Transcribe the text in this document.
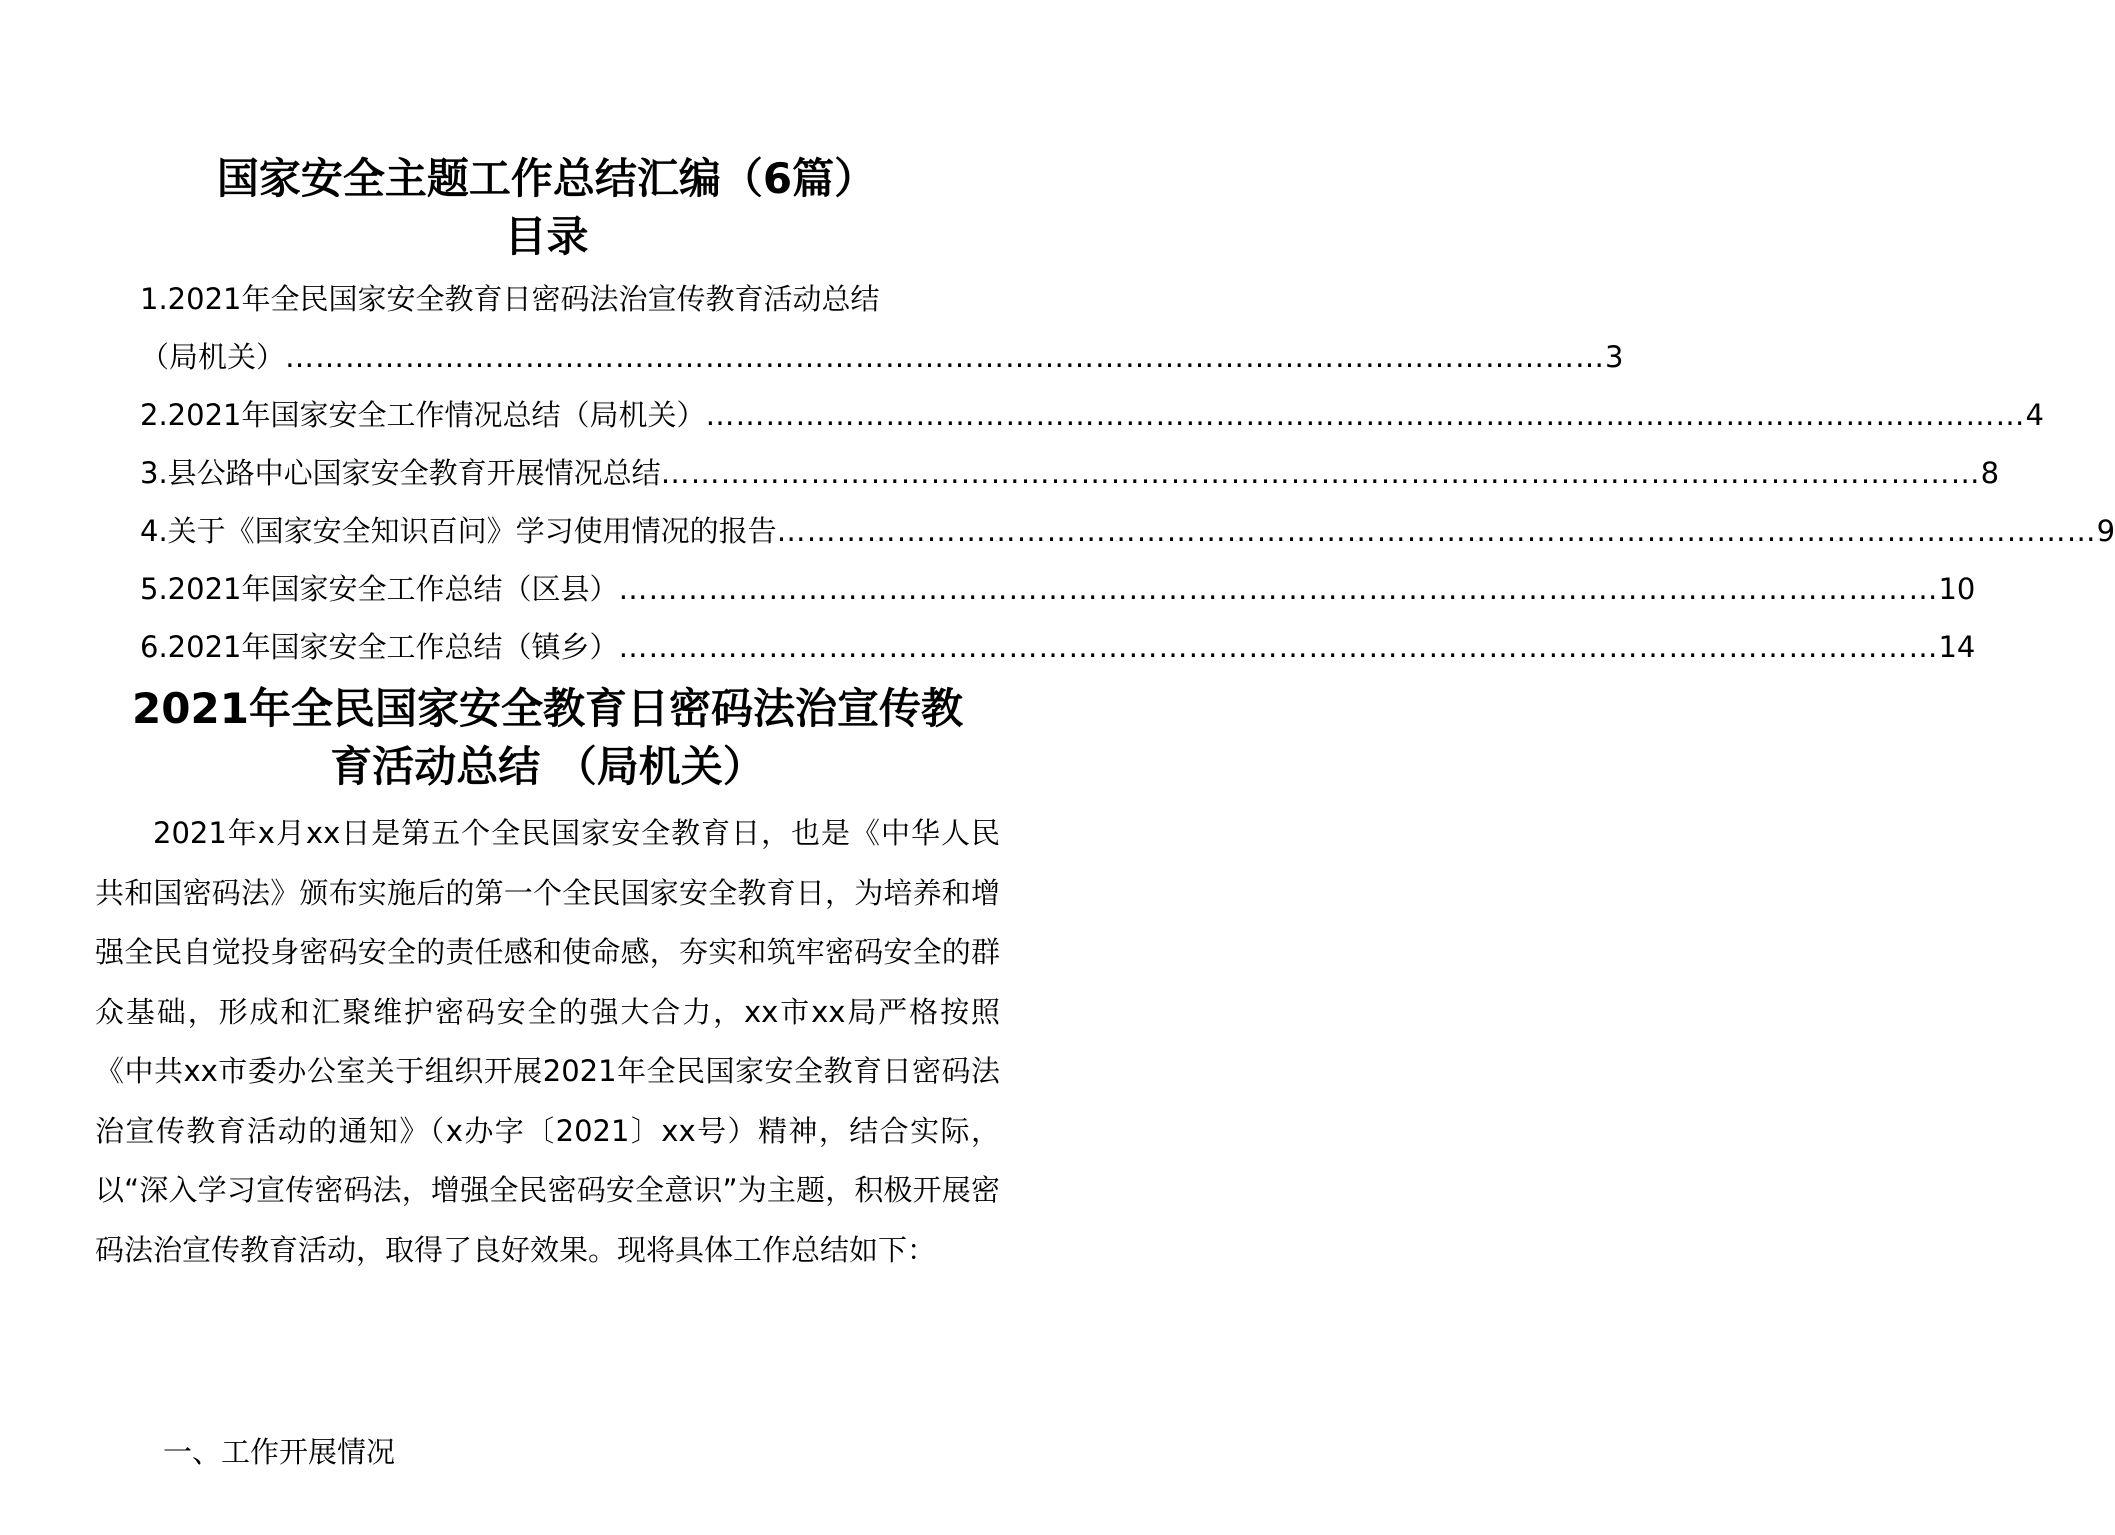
国家安全主题工作总结汇编（6篇）
目录
1.2021年全民国家安全教育日密码法治宣传教育活动总结
（局机关） …………………………………………………………………………………………………………………… 3
2.2021年国家安全工作情况总结（局机关） …………………………………………………………………………………………………………………… 4
3.县公路中心国家安全教育开展情况总结 …………………………………………………………………………………………………………………… 8
4.关于《国家安全知识百问》学习使用情况的报告 …………………………………………………………………………………………………………………… 9
5.2021年国家安全工作总结（区县） …………………………………………………………………………………………………………………… 10
6.2021年国家安全工作总结（镇乡） …………………………………………………………………………………………………………………… 14
2021年全民国家安全教育日密码法治宣传教
育活动总结 （局机关）

2021年x月xx日是第五个全民国家安全教育日，也是《中华人民共和国密码法》颁布实施后的第一个全民国家安全教育日，为培养和增强全民自觉投身密码安全的责任感和使命感，夯实和筑牢密码安全的群众基础，形成和汇聚维护密码安全的强大合力，xx市xx局严格按照《中共xx市委办公室关于组织开展2021年全民国家安全教育日密码法治宣传教育活动的通知》（x办字〔2021〕xx号）精神，结合实际，以“深入学习宣传密码法，增强全民密码安全意识”为主题，积极开展密码法治宣传教育活动，取得了良好效果。现将具体工作总结如下：

一、工作开展情况
